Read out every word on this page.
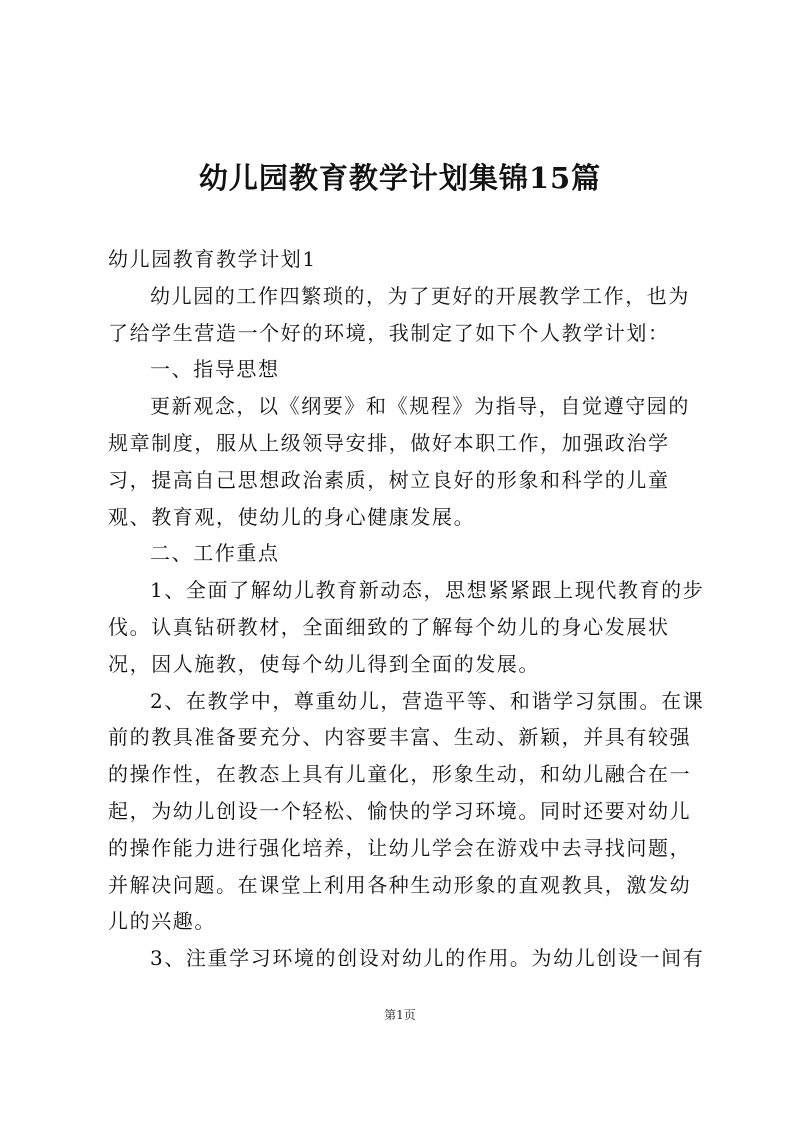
幼儿园教育教学计划集锦15篇
幼儿园教育教学计划1
幼儿园的工作四繁琐的，为了更好的开展教学工作，也为
了给学生营造一个好的环境，我制定了如下个人教学计划：
一、指导思想
更新观念，以《纲要》和《规程》为指导，自觉遵守园的
规章制度，服从上级领导安排，做好本职工作，加强政治学
习，提高自己思想政治素质，树立良好的形象和科学的儿童
观、教育观，使幼儿的身心健康发展。
二、工作重点
1、全面了解幼儿教育新动态，思想紧紧跟上现代教育的步
伐。认真钻研教材，全面细致的了解每个幼儿的身心发展状
况，因人施教，使每个幼儿得到全面的发展。
2、在教学中，尊重幼儿，营造平等、和谐学习氛围。在课
前的教具准备要充分、内容要丰富、生动、新颖，并具有较强
的操作性，在教态上具有儿童化，形象生动，和幼儿融合在一
起，为幼儿创设一个轻松、愉快的学习环境。同时还要对幼儿
的操作能力进行强化培养，让幼儿学会在游戏中去寻找问题，
并解决问题。在课堂上利用各种生动形象的直观教具，激发幼
儿的兴趣。
3、注重学习环境的创设对幼儿的作用。为幼儿创设一间有
第1页
